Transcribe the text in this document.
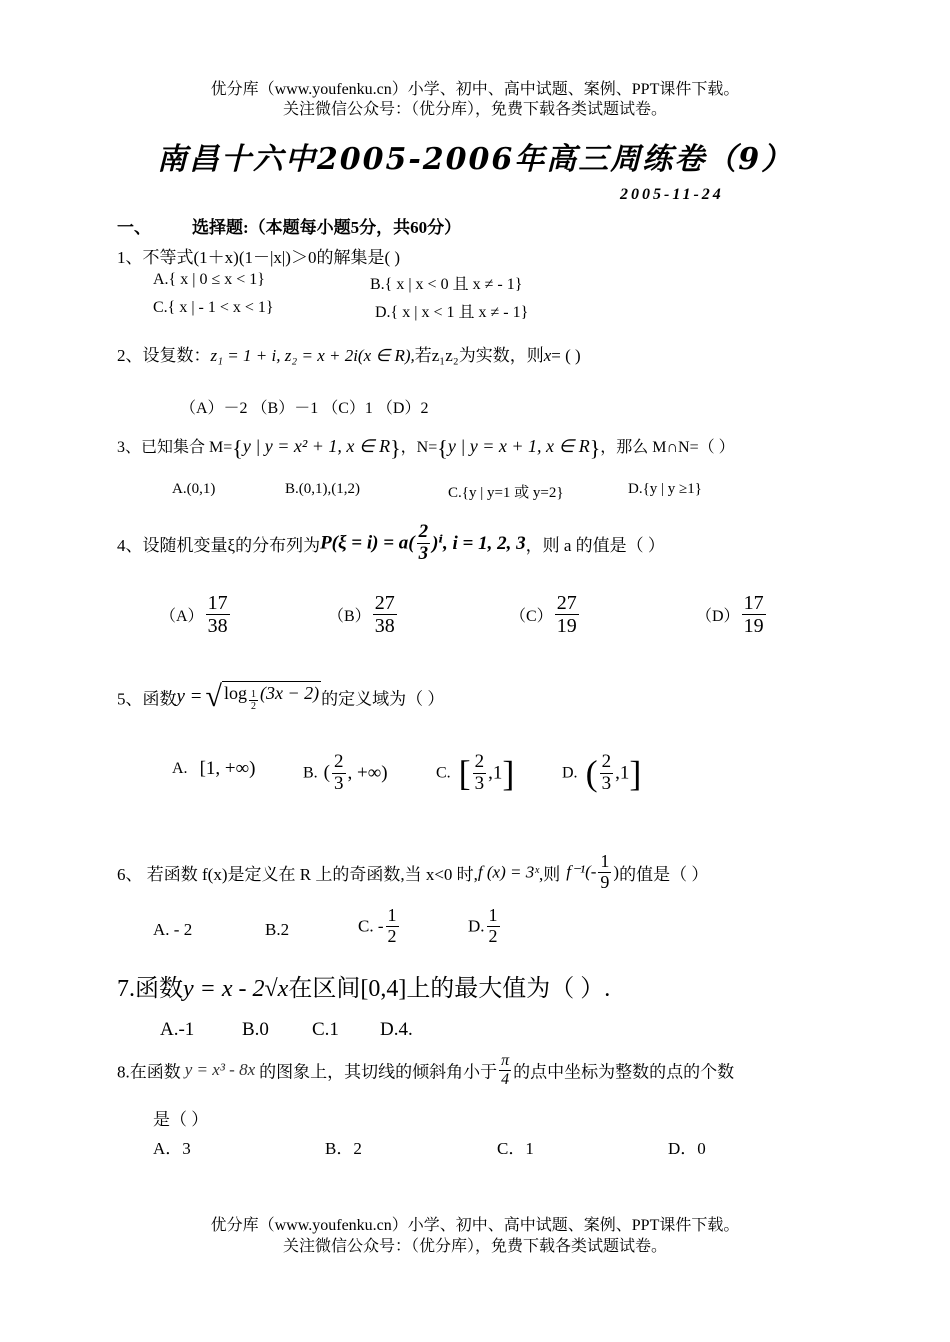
优分库（www.youfenku.cn）小学、初中、高中试题、案例、PPT课件下载。
关注微信公众号：（优分库），免费下载各类试题试卷。
南昌十六中2005-2006年高三周练卷（9）
2005-11-24
一、 选择题:（本题每小题5分，共60分）
1、不等式(1＋x)(1－|x|)＞0的解集是( )
A.{ x | 0 ≤ x < 1}	B.{ x | x < 0 且 x ≠ - 1}
C.{ x | - 1 < x < 1}	D.{ x | x < 1 且 x ≠ - 1}
2、设复数：z₁ = 1 + i, z₂ = x + 2i(x ∈ R),若z₁z₂为实数，则x= ( )
（A）－2 （B）－1 （C）1 （D）2
3、已知集合 M={y | y = x² + 1, x ∈ R}，N={y | y = x + 1, x ∈ R}，那么 M∩N=（ ）
A.(0,1)	B.(0,1),(1,2)	C.{y | y=1 或 y=2}	D.{y | y ≥1}
4、设随机变量ξ的分布列为$P(\xi = i) = a( \frac{2}{3} )^i$, i = 1, 2, 3，则 a 的值是（ ）
$(A) \frac{17}{38}$	$(B) \frac{27}{38}$	$(C) \frac{27}{19}$	$(D) \frac{17}{19}$
5、函数y = √ $\log \frac{1}{2} (3x - 2)$ 的定义域为（ ）
A. [1, +∞)	B. ( $\frac{2}{3}$ , +∞)	C. [ $\frac{2}{3} ,1$]	D. ( $\frac{2}{3} ,1$]
6、 若函数 f(x)是定义在 R 上的奇函数,当 x<0 时,f (x) = 3ˣ,则 $f^{-1}(- \frac{1}{9}$ )的值是（ ）
A. - 2	B.2	C. - $\frac{1}{2}$	D. $\frac{1}{2}$
7.函数y = x - 2√x在区间[0,4]上的最大值为（ ）.
A.-1	B.0 C.1 D.4.
8.在函数 y = x³ - 8x 的图象上，其切线的倾斜角小于 $\frac{\pi}{4}$ 的点中坐标为整数的点的个数
是（ ）
A．3	B．2	C．1	D．0
优分库（www.youfenku.cn）小学、初中、高中试题、案例、PPT课件下载。
关注微信公众号：（优分库），免费下载各类试题试卷。
